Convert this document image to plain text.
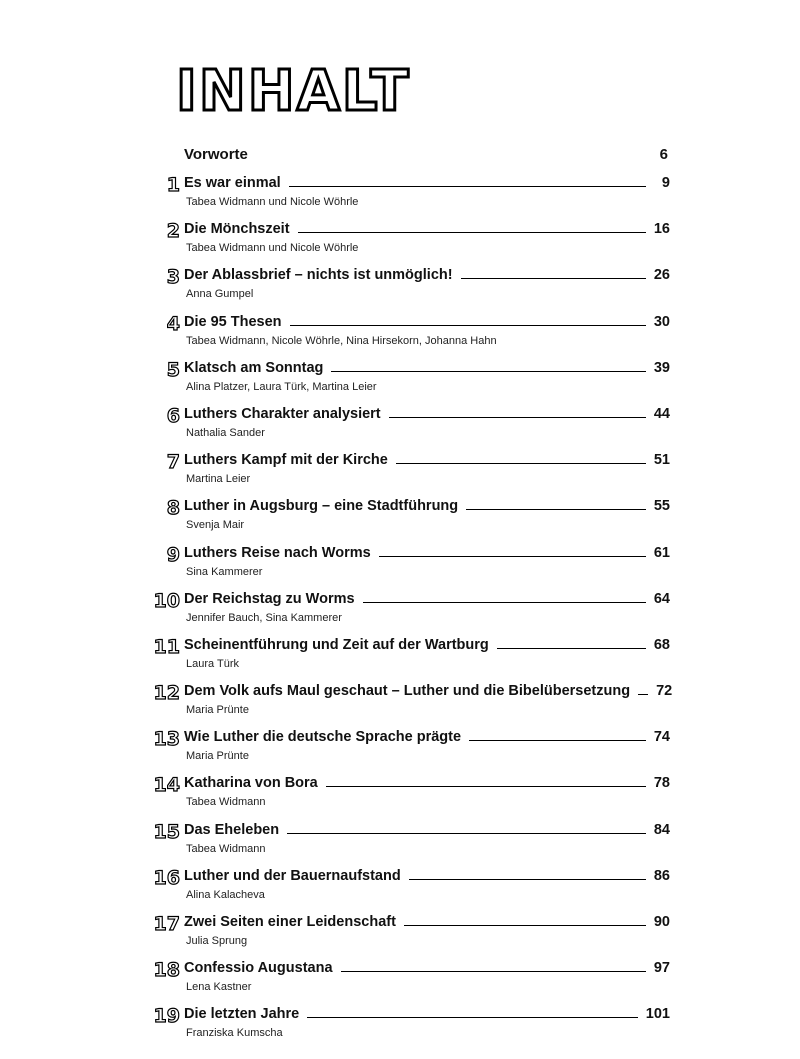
INHALT
Vorworte	6
1 Es war einmal	9
Tabea Widmann und Nicole Wöhrle
2 Die Mönchszeit	16
Tabea Widmann und Nicole Wöhrle
3 Der Ablassbrief – nichts ist unmöglich!	26
Anna Gumpel
4 Die 95 Thesen	30
Tabea Widmann, Nicole Wöhrle, Nina Hirsekorn, Johanna Hahn
5 Klatsch am Sonntag	39
Alina Platzer, Laura Türk, Martina Leier
6 Luthers Charakter analysiert	44
Nathalia Sander
7 Luthers Kampf mit der Kirche	51
Martina Leier
8 Luther in Augsburg – eine Stadtführung	55
Svenja Mair
9 Luthers Reise nach Worms	61
Sina Kammerer
10 Der Reichstag zu Worms	64
Jennifer Bauch, Sina Kammerer
11 Scheinentführung und Zeit auf der Wartburg	68
Laura Türk
12 Dem Volk aufs Maul geschaut – Luther und die Bibelübersetzung	72
Maria Prünte
13 Wie Luther die deutsche Sprache prägte	74
Maria Prünte
14 Katharina von Bora	78
Tabea Widmann
15 Das Eheleben	84
Tabea Widmann
16 Luther und der Bauernaufstand	86
Alina Kalacheva
17 Zwei Seiten einer Leidenschaft	90
Julia Sprung
18 Confessio Augustana	97
Lena Kastner
19 Die letzten Jahre	101
Franziska Kumscha
